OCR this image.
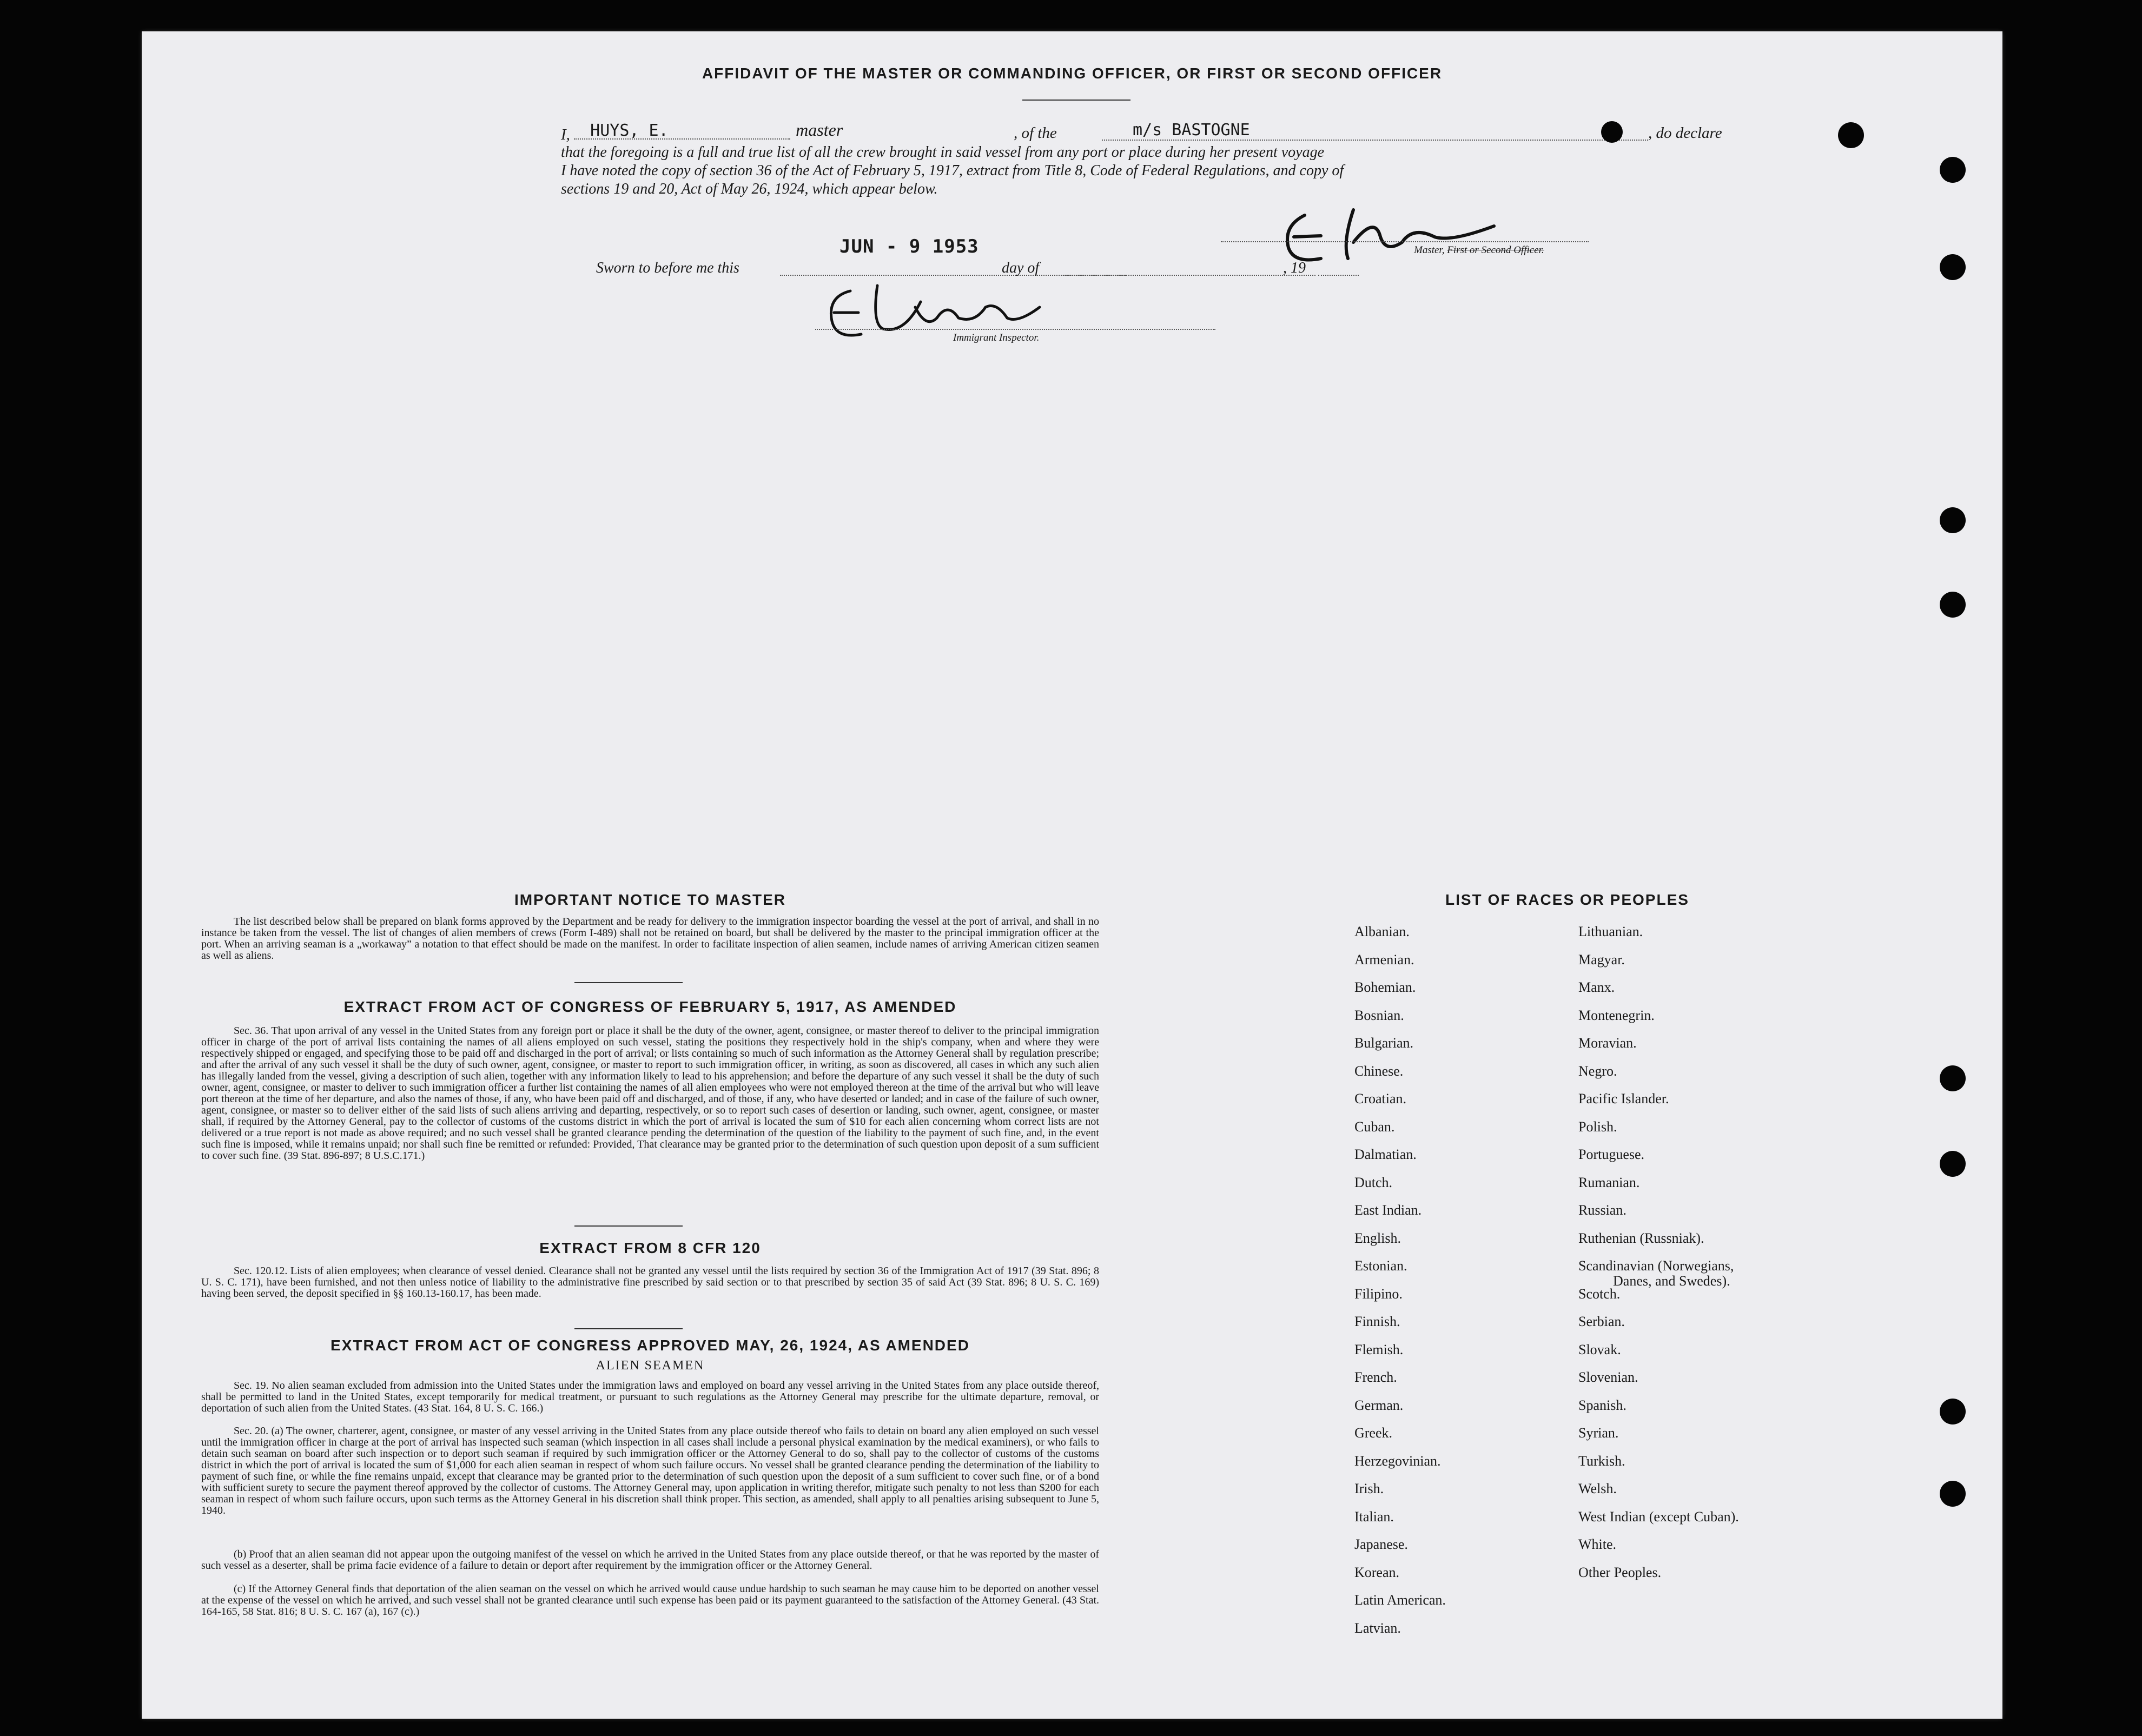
AFFIDAVIT OF THE MASTER OR COMMANDING OFFICER, OR FIRST OR SECOND OFFICER
I, HUYS, E.	master
	, of the	m/s BASTOGNE	, do declare
that the foregoing is a full and true list of all the crew brought in said vessel from any port or place during her present voyage
I have noted the copy of section 36 of the Act of February 5, 1917, extract from Title 8, Code of Federal Regulations, and copy of
sections 19 and 20, Act of May 26, 1924, which appear below.
Master, First or Second Officer.
Sworn to before me this
JUN - 9 1953
day of	, 19
Immigrant Inspector.
IMPORTANT NOTICE TO MASTER
The list described below shall be prepared on blank forms approved by the Department and be ready for delivery to the immigration inspector boarding the vessel at the port of arrival, and shall in no instance be taken from the vessel. The list of changes of alien members of crews (Form I-489) shall not be retained on board, but shall be delivered by the master to the principal immigration officer at the port. When an arriving seaman is a „workaway” a notation to that effect should be made on the manifest. In order to facilitate inspection of alien seamen, include names of arriving American citizen seamen as well as aliens.
EXTRACT FROM ACT OF CONGRESS OF FEBRUARY 5, 1917, AS AMENDED
Sec. 36. That upon arrival of any vessel in the United States from any foreign port or place it shall be the duty of the owner, agent, consignee, or master thereof to deliver to the principal immigration officer in charge of the port of arrival lists containing the names of all aliens employed on such vessel, stating the positions they respectively hold in the ship's company, when and where they were respectively shipped or engaged, and specifying those to be paid off and discharged in the port of arrival; or lists containing so much of such information as the Attorney General shall by regulation prescribe; and after the arrival of any such vessel it shall be the duty of such owner, agent, consignee, or master to report to such immigration officer, in writing, as soon as discovered, all cases in which any such alien has illegally landed from the vessel, giving a description of such alien, together with any information likely to lead to his apprehension; and before the departure of any such vessel it shall be the duty of such owner, agent, consignee, or master to deliver to such immigration officer a further list containing the names of all alien employees who were not employed thereon at the time of the arrival but who will leave port thereon at the time of her departure, and also the names of those, if any, who have been paid off and discharged, and of those, if any, who have deserted or landed; and in case of the failure of such owner, agent, consignee, or master so to deliver either of the said lists of such aliens arriving and departing, respectively, or so to report such cases of desertion or landing, such owner, agent, consignee, or master shall, if required by the Attorney General, pay to the collector of customs of the customs district in which the port of arrival is located the sum of $10 for each alien concerning whom correct lists are not delivered or a true report is not made as above required; and no such vessel shall be granted clearance pending the determination of the question of the liability to the payment of such fine, and, in the event such fine is imposed, while it remains unpaid; nor shall such fine be remitted or refunded: Provided, That clearance may be granted prior to the determination of such question upon deposit of a sum sufficient to cover such fine. (39 Stat. 896-897; 8 U.S.C.171.)
EXTRACT FROM 8 CFR 120
Sec. 120.12. Lists of alien employees; when clearance of vessel denied. Clearance shall not be granted any vessel until the lists required by section 36 of the Immigration Act of 1917 (39 Stat. 896; 8 U. S. C. 171), have been furnished, and not then unless notice of liability to the administrative fine prescribed by said section or to that prescribed by section 35 of said Act (39 Stat. 896; 8 U. S. C. 169) having been served, the deposit specified in §§ 160.13-160.17, has been made.
EXTRACT FROM ACT OF CONGRESS APPROVED MAY, 26, 1924, AS AMENDED
ALIEN SEAMEN
Sec. 19. No alien seaman excluded from admission into the United States under the immigration laws and employed on board any vessel arriving in the United States from any place outside thereof, shall be permitted to land in the United States, except temporarily for medical treatment, or pursuant to such regulations as the Attorney General may prescribe for the ultimate departure, removal, or deportation of such alien from the United States. (43 Stat. 164, 8 U. S. C. 166.)
Sec. 20. (a) The owner, charterer, agent, consignee, or master of any vessel arriving in the United States from any place outside thereof who fails to detain on board any alien employed on such vessel until the immigration officer in charge at the port of arrival has inspected such seaman (which inspection in all cases shall include a personal physical examination by the medical examiners), or who fails to detain such seaman on board after such inspection or to deport such seaman if required by such immigration officer or the Attorney General to do so, shall pay to the collector of customs of the customs district in which the port of arrival is located the sum of $1,000 for each alien seaman in respect of whom such failure occurs. No vessel shall be granted clearance pending the determination of the liability to payment of such fine, or while the fine remains unpaid, except that clearance may be granted prior to the determination of such question upon the deposit of a sum sufficient to cover such fine, or of a bond with sufficient surety to secure the payment thereof approved by the collector of customs. The Attorney General may, upon application in writing therefor, mitigate such penalty to not less than $200 for each seaman in respect of whom such failure occurs, upon such terms as the Attorney General in his discretion shall think proper. This section, as amended, shall apply to all penalties arising subsequent to June 5, 1940.
(b) Proof that an alien seaman did not appear upon the outgoing manifest of the vessel on which he arrived in the United States from any place outside thereof, or that he was reported by the master of such vessel as a deserter, shall be prima facie evidence of a failure to detain or deport after requirement by the immigration officer or the Attorney General.
(c) If the Attorney General finds that deportation of the alien seaman on the vessel on which he arrived would cause undue hardship to such seaman he may cause him to be deported on another vessel at the expense of the vessel on which he arrived, and such vessel shall not be granted clearance until such expense has been paid or its payment guaranteed to the satisfaction of the Attorney General. (43 Stat. 164-165, 58 Stat. 816; 8 U. S. C. 167 (a), 167 (c).)
LIST OF RACES OR PEOPLES
Albanian.
Armenian.
Bohemian.
Bosnian.
Bulgarian.
Chinese.
Croatian.
Cuban.
Dalmatian.
Dutch.
East Indian.
English.
Estonian.
Filipino.
Finnish.
Flemish.
French.
German.
Greek.
Herzegovinian.
Irish.
Italian.
Japanese.
Korean.
Latin American.
Latvian.
Lithuanian.
Magyar.
Manx.
Montenegrin.
Moravian.
Negro.
Pacific Islander.
Polish.
Portuguese.
Rumanian.
Russian.
Ruthenian (Russniak).
Scandinavian (Norwegians,
Danes, and Swedes).
Scotch.
Serbian.
Slovak.
Slovenian.
Spanish.
Syrian.
Turkish.
Welsh.
West Indian (except Cuban).
White.
Other Peoples.
